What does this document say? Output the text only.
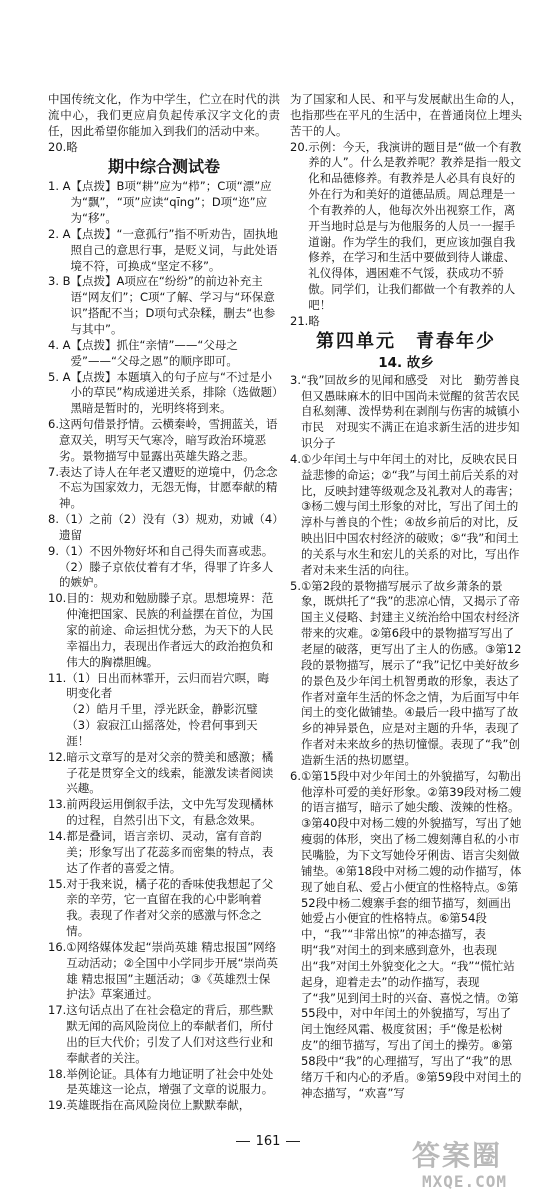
中国传统文化，作为中学生，伫立在时代的洪流中心，我们更应肩负起传承汉字文化的责任，因此希望你能加入到我们的活动中来。

20. 略
期中综合测试卷
1. A 【点拨】B项“耕”应为“栉”；C项“漂”应为“飘”，“项”应读“qīng”；D项“迩”应为“移”。
2. A 【点拨】“一意孤行”指不听劝告，固执地照自己的意思行事，是贬义词，与此处语境不符，可换成“坚定不移”。
3. B 【点拨】A项应在“纷纷”的前边补充主语“网友们”；C项“了解、学习与“环保意识”搭配不当；D项句式杂糅，删去“也参与其中”。
4. A 【点拨】抓住“亲情”——“父母之爱”——“父母之恩”的顺序即可。
5. A 【点拨】本题填入的句子应与“不过是小小的草民”构成递进关系，排除（选做题）黑暗是暂时的，光明终将到来。
6. 这两句借景抒情。云横秦岭，雪拥蓝关，语意双关，明写天气寒冷，暗写政治环境恶劣。景物描写中显露出英雄失路之悲。
7. 表达了诗人在年老又遭贬的逆境中，仍念念不忘为国家效力，无怨无悔，甘愿奉献的精神。
8. （1）之前（2）没有（3）规劝，劝诫（4）遗留
9. （1）不因外物好坏和自己得失而喜或悲。
（2）滕子京依仗着有才华，得罪了许多人的嫉妒。
10. 目的：规劝和勉励滕子京。思想境界：范仲淹把国家、民族的利益摆在首位，为国家的前途、命运担忧分愁，为天下的人民幸福出力，表现出作者远大的政治抱负和伟大的胸襟胆魄。
11. （1）日出而林霏开，云归而岩穴暝，晦明变化者
（2）皓月千里，浮光跃金，静影沉璧
（3）寂寂江山摇落处，怜君何事到天涯！
12. 暗示文章写的是对父亲的赞美和感激；橘子花是贯穿全文的线索，能激发读者阅读兴趣。
13. 前两段运用倒叙手法，文中先写发现橘林的过程，自然引出下文，有悬念效果。
14. 都是叠词，语言亲切、灵动，富有音韵美；形象写出了花蕊多而密集的特点，表达了作者的喜爱之情。
15. 对于我来说，橘子花的香味使我想起了父亲的辛劳，它一直留在我的心中影响着我。表现了作者对父亲的感激与怀念之情。
16. ①网络媒体发起“崇尚英雄 精忠报国”网络互动活动；②全国中小学同步开展“崇尚英雄 精忠报国”主题活动；③《英雄烈士保护法》草案通过。
17. 这句话点出了在社会稳定的背后，那些默默无闻的高风险岗位上的奉献者们，所付出的巨大代价；引发了人们对这些行业和奉献者的关注。
18. 举例论证。具体有力地证明了社会中处处是英雄这一论点，增强了文章的说服力。
19. 英雄既指在高风险岗位上默默奉献，

为了国家和人民、和平与发展献出生命的人，也指那些在平凡的生活中，在普通岗位上埋头苦干的人。

20. 示例：今天，我演讲的题目是“做一个有教养的人”。什么是教养呢？教养是指一般文化和品德修养。有教养是人必具有良好的外在行为和美好的道德品质。周总理是一个有教养的人，他每次外出视察工作，离开当地时总是与为他服务的人员一一握手道谢。作为学生的我们，更应该加强自我修养，在学习和生活中要做到待人谦虚、礼仪得体，遇困难不气馁，获成功不骄傲。同学们，让我们都做一个有教养的人吧！
21. 略
第四单元　青春年少
14. 故乡
3. “我”回故乡的见闻和感受　对比　勤劳善良但又愚昧麻木的旧中国尚未觉醒的贫苦农民　自私刻薄、泼悍势利在剥削与伤害的城镇小市民　对现实不满正在追求新生活的进步知识分子
4. ①少年闰土与中年闰土的对比，反映农民日益悲惨的命运；②“我”与闰土前后关系的对比，反映封建等级观念及礼教对人的毒害；③杨二嫂与闰土形象的对比，写出了闰土的淳朴与善良的个性；④故乡前后的对比，反映出旧中国农村经济的破败；⑤“我”和闰土的关系与水生和宏儿的关系的对比，写出作者对未来生活的向往。
5. ①第2段的景物描写展示了故乡萧条的景象，既烘托了“我”的悲凉心情，又揭示了帝国主义侵略、封建主义统治给中国农村经济带来的灾难。②第6段中的景物描写写出了老屋的破落，更写出了主人的伤感。③第12段的景物描写，展示了“我”记忆中美好故乡的景色及少年闰土机智勇敢的形象，表达了作者对童年生活的怀念之情，为后面写中年闰土的变化做铺垫。④最后一段中描写了故乡的神异景色，应是对主题的升华，表现了作者对未来故乡的热切憧憬。表现了“我”创造新生活的热切愿望。
6. ①第15段中对少年闰土的外貌描写，勾勒出他淳朴可爱的美好形象。②第39段对杨二嫂的语言描写，暗示了她尖酸、泼辣的性格。③第40段中对杨二嫂的外貌描写，写出了她瘦弱的体形，突出了杨二嫂刻薄自私的小市民嘴脸，为下文写她伶牙俐齿、语言尖刻做铺垫。④第18段中对杨二嫂的动作描写，体现了她自私、爱占小便宜的性格特点。⑤第52段中杨二嫂寨手套的细节描写，刻画出她爱占小便宜的性格特点。⑥第54段中，“我”“非常出惊”的神态描写，表明“我”对闰土的到来感到意外，也表现出“我”对闰土外貌变化之大。“我”“慌忙站起身，迎着走去”的动作描写，表现了“我”见到闰土时的兴奋、喜悦之情。⑦第55段中，对中年闰土的外貌描写，写出了闰土饱经风霜、极度贫困；手“像是松树皮”的细节描写，写出了闰土的操劳。⑧第58段中“我”的心理描写，写出了“我”的思绪万千和内心的矛盾。⑨第59段中对闰土的神态描写，“欢喜”写
161	答案圈
MXQE.COM
